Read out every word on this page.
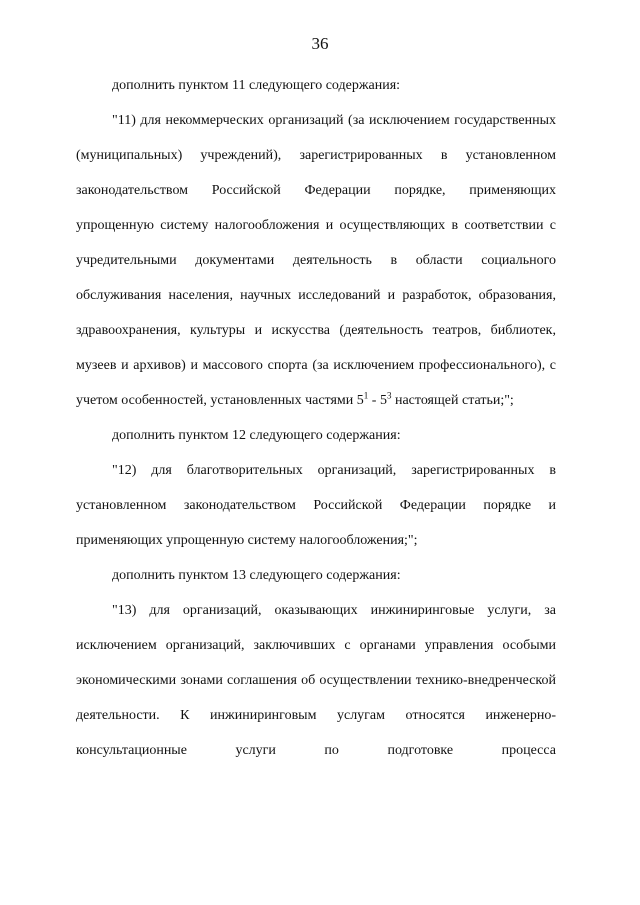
36

дополнить пунктом 11 следующего содержания:

"11) для некоммерческих организаций (за исключением государственных (муниципальных) учреждений), зарегистрированных в установленном законодательством Российской Федерации порядке, применяющих упрощенную систему налогообложения и осуществляющих в соответствии с учредительными документами деятельность в области социального обслуживания населения, научных исследований и разработок, образования, здравоохранения, культуры и искусства (деятельность театров, библиотек, музеев и архивов) и массового спорта (за исключением профессионального), с учетом особенностей, установленных частями $5^1 - 5^3$ настоящей статьи;";

дополнить пунктом 12 следующего содержания:

"12) для благотворительных организаций, зарегистрированных в установленном законодательством Российской Федерации порядке и применяющих упрощенную систему налогообложения;";

дополнить пунктом 13 следующего содержания:

"13) для организаций, оказывающих инжиниринговые услуги, за исключением организаций, заключивших с органами управления особыми экономическими зонами соглашения об осуществлении технико-внедренческой деятельности. К инжиниринговым услугам относятся инженерно-консультационные услуги по подготовке процесса
